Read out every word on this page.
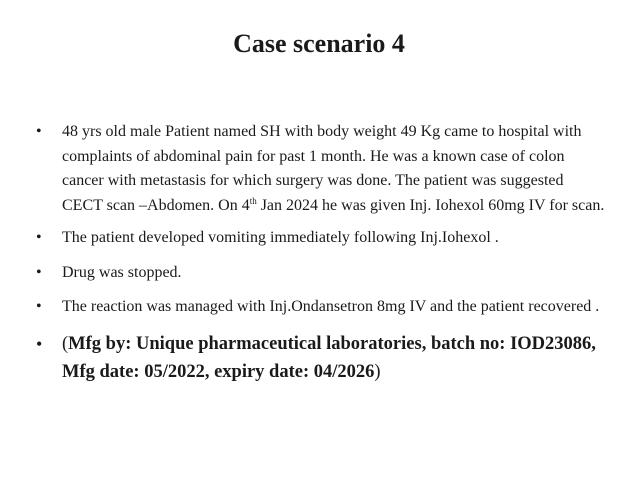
Case scenario 4
• 48 yrs old male Patient named SH with body weight 49 Kg came to hospital with complaints of abdominal pain for past 1 month. He was a known case of colon cancer with metastasis for which surgery was done. The patient was suggested CECT scan –Abdomen. On 4th Jan 2024 he was given Inj. Iohexol 60mg IV for scan.
• The patient developed vomiting immediately following Inj.Iohexol .
• Drug was stopped.
• The reaction was managed with Inj.Ondansetron 8mg IV and the patient recovered .
• (Mfg by: Unique pharmaceutical laboratories, batch no: IOD23086, Mfg date: 05/2022, expiry date: 04/2026)
